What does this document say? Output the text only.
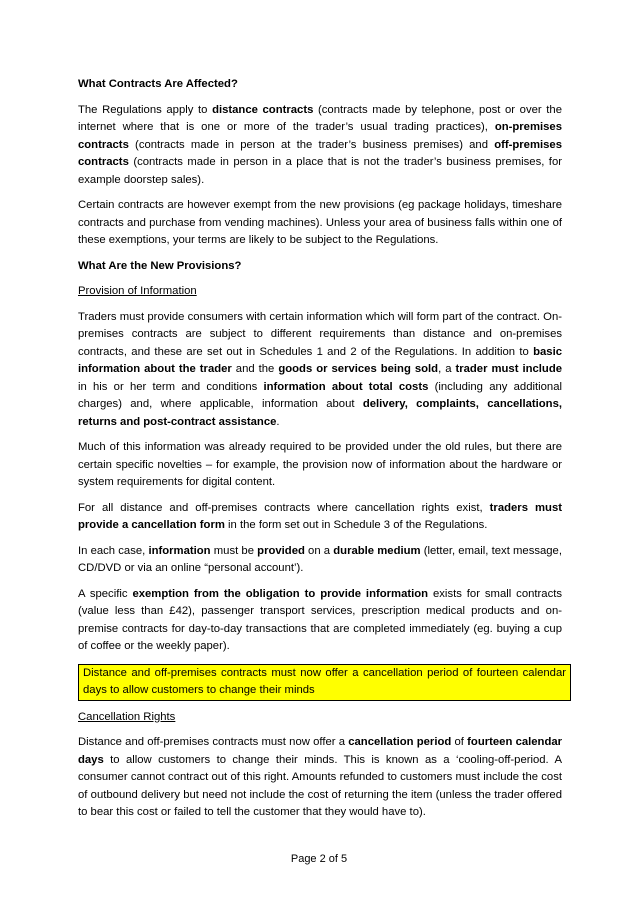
What Contracts Are Affected?

The Regulations apply to distance contracts (contracts made by telephone, post or over the internet where that is one or more of the trader’s usual trading practices), on-premises contracts (contracts made in person at the trader’s business premises) and off-premises contracts (contracts made in person in a place that is not the trader’s business premises, for example doorstep sales).

Certain contracts are however exempt from the new provisions (eg package holidays, timeshare contracts and purchase from vending machines). Unless your area of business falls within one of these exemptions, your terms are likely to be subject to the Regulations.

What Are the New Provisions?

Provision of Information

Traders must provide consumers with certain information which will form part of the contract. On-premises contracts are subject to different requirements than distance and on-premises contracts, and these are set out in Schedules 1 and 2 of the Regulations. In addition to basic information about the trader and the goods or services being sold, a trader must include in his or her term and conditions information about total costs (including any additional charges) and, where applicable, information about delivery, complaints, cancellations, returns and post-contract assistance.

Much of this information was already required to be provided under the old rules, but there are certain specific novelties – for example, the provision now of information about the hardware or system requirements for digital content.

For all distance and off-premises contracts where cancellation rights exist, traders must provide a cancellation form in the form set out in Schedule 3 of the Regulations.

In each case, information must be provided on a durable medium (letter, email, text message, CD/DVD or via an online “personal account’).

A specific exemption from the obligation to provide information exists for small contracts (value less than £42), passenger transport services, prescription medical products and on-premise contracts for day-to-day transactions that are completed immediately (eg. buying a cup of coffee or the weekly paper).

Distance and off-premises contracts must now offer a cancellation period of fourteen calendar days to allow customers to change their minds

Cancellation Rights

Distance and off-premises contracts must now offer a cancellation period of fourteen calendar days to allow customers to change their minds. This is known as a ‘cooling-off-period. A consumer cannot contract out of this right. Amounts refunded to customers must include the cost of outbound delivery but need not include the cost of returning the item (unless the trader offered to bear this cost or failed to tell the customer that they would have to).

Page 2 of 5
